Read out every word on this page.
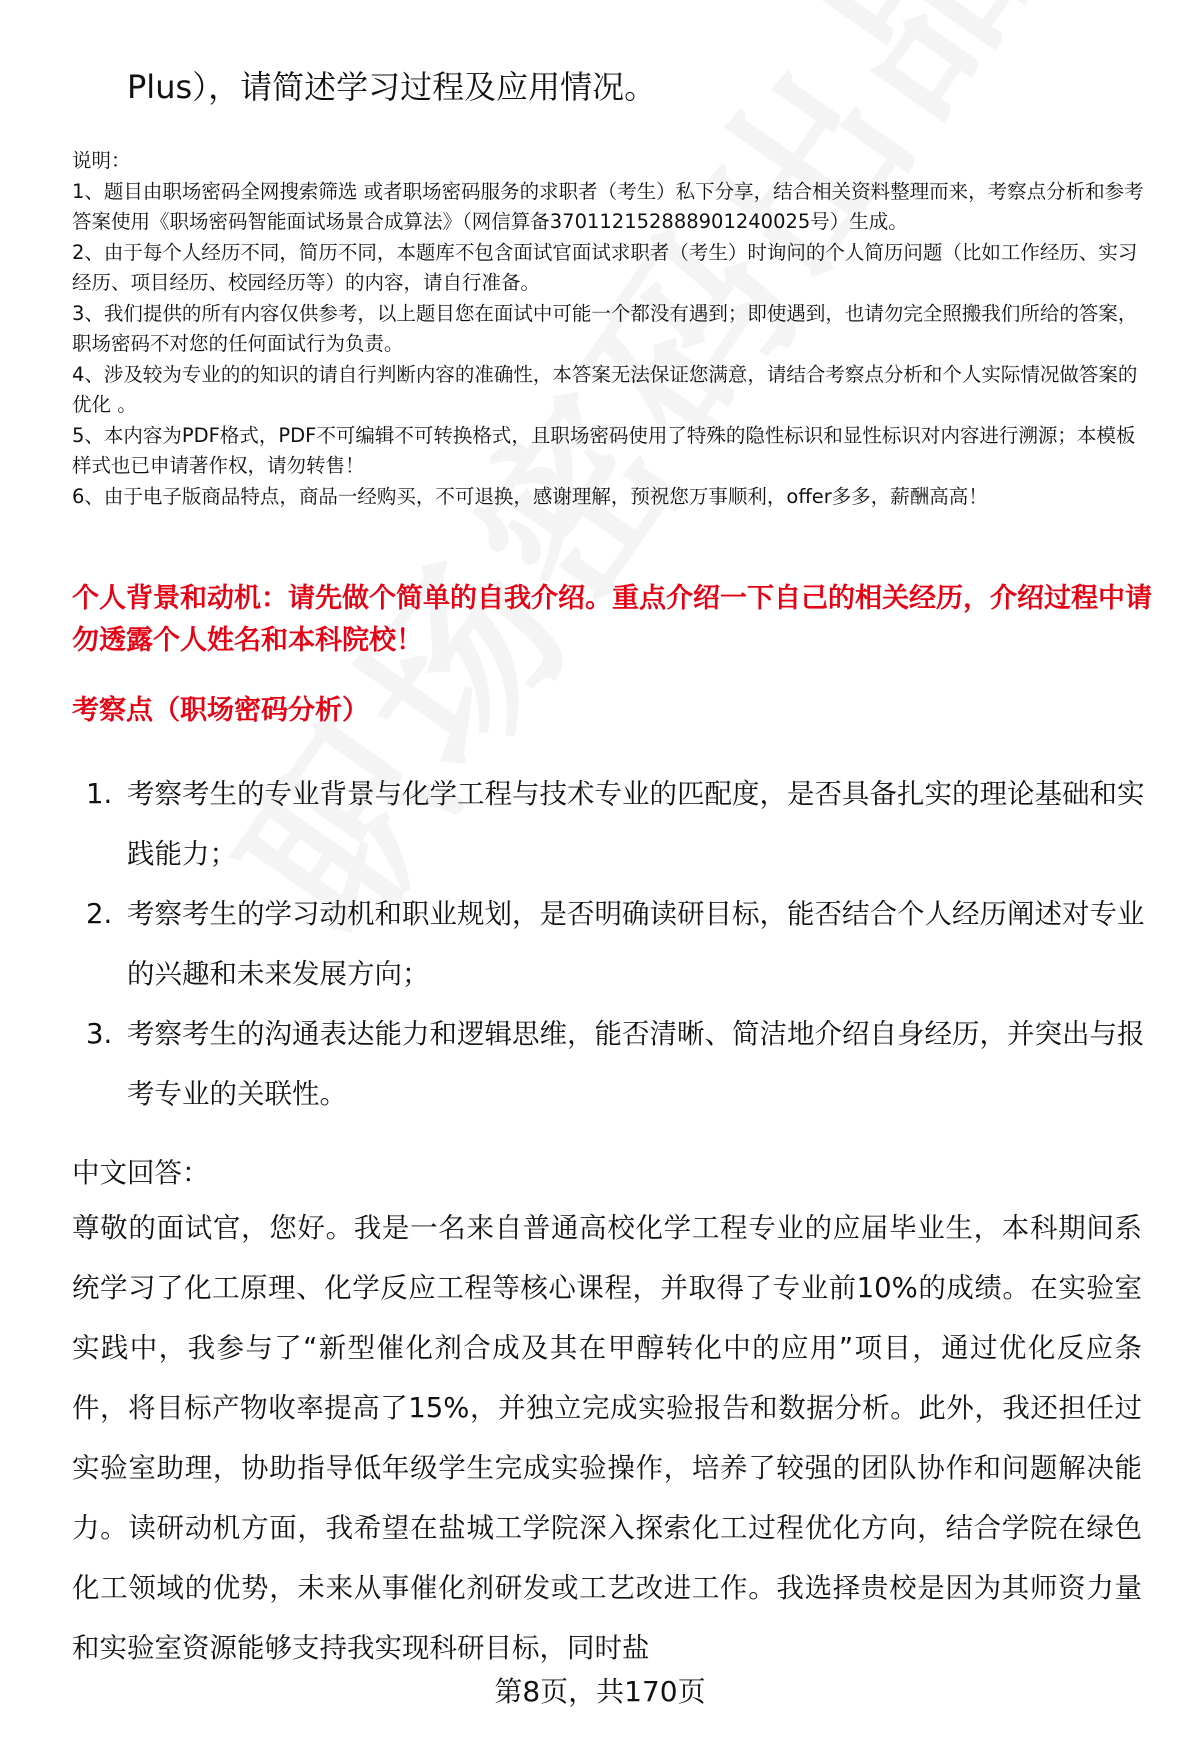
Plus），请简述学习过程及应用情况。

说明：

1、题目由职场密码全网搜索筛选 或者职场密码服务的求职者（考生）私下分享，结合相关资料整理而来，考察点分析和参考答案使用《职场密码智能面试场景合成算法》（网信算备370112152888901240025号）生成。

2、由于每个人经历不同，简历不同，本题库不包含面试官面试求职者（考生）时询问的个人简历问题（比如工作经历、实习经历、项目经历、校园经历等）的内容，请自行准备。

3、我们提供的所有内容仅供参考，以上题目您在面试中可能一个都没有遇到；即使遇到，也请勿完全照搬我们所给的答案，职场密码不对您的任何面试行为负责。

4、涉及较为专业的的知识的请自行判断内容的准确性，本答案无法保证您满意，请结合考察点分析和个人实际情况做答案的优化 。

5、本内容为PDF格式，PDF不可编辑不可转换格式，且职场密码使用了特殊的隐性标识和显性标识对内容进行溯源；本模板样式也已申请著作权，请勿转售！

6、由于电子版商品特点，商品一经购买，不可退换，感谢理解，预祝您万事顺利，offer多多，薪酬高高！

个人背景和动机：请先做个简单的自我介绍。重点介绍一下自己的相关经历，介绍过程中请勿透露个人姓名和本科院校！
考察点（职场密码分析）
1. 考察考生的专业背景与化学工程与技术专业的匹配度，是否具备扎实的理论基础和实践能力；
2. 考察考生的学习动机和职业规划，是否明确读研目标，能否结合个人经历阐述对专业的兴趣和未来发展方向；
3. 考察考生的沟通表达能力和逻辑思维，能否清晰、简洁地介绍自身经历，并突出与报考专业的关联性。
中文回答：
尊敬的面试官，您好。我是一名来自普通高校化学工程专业的应届毕业生，本科期间系统学习了化工原理、化学反应工程等核心课程，并取得了专业前10%的成绩。在实验室实践中，我参与了“新型催化剂合成及其在甲醇转化中的应用”项目，通过优化反应条件，将目标产物收率提高了15%，并独立完成实验报告和数据分析。此外，我还担任过实验室助理，协助指导低年级学生完成实验操作，培养了较强的团队协作和问题解决能力。读研动机方面，我希望在盐城工学院深入探索化工过程优化方向，结合学院在绿色化工领域的优势，未来从事催化剂研发或工艺改进工作。我选择贵校是因为其师资力量和实验室资源能够支持我实现科研目标，同时盐
第8页，共170页
